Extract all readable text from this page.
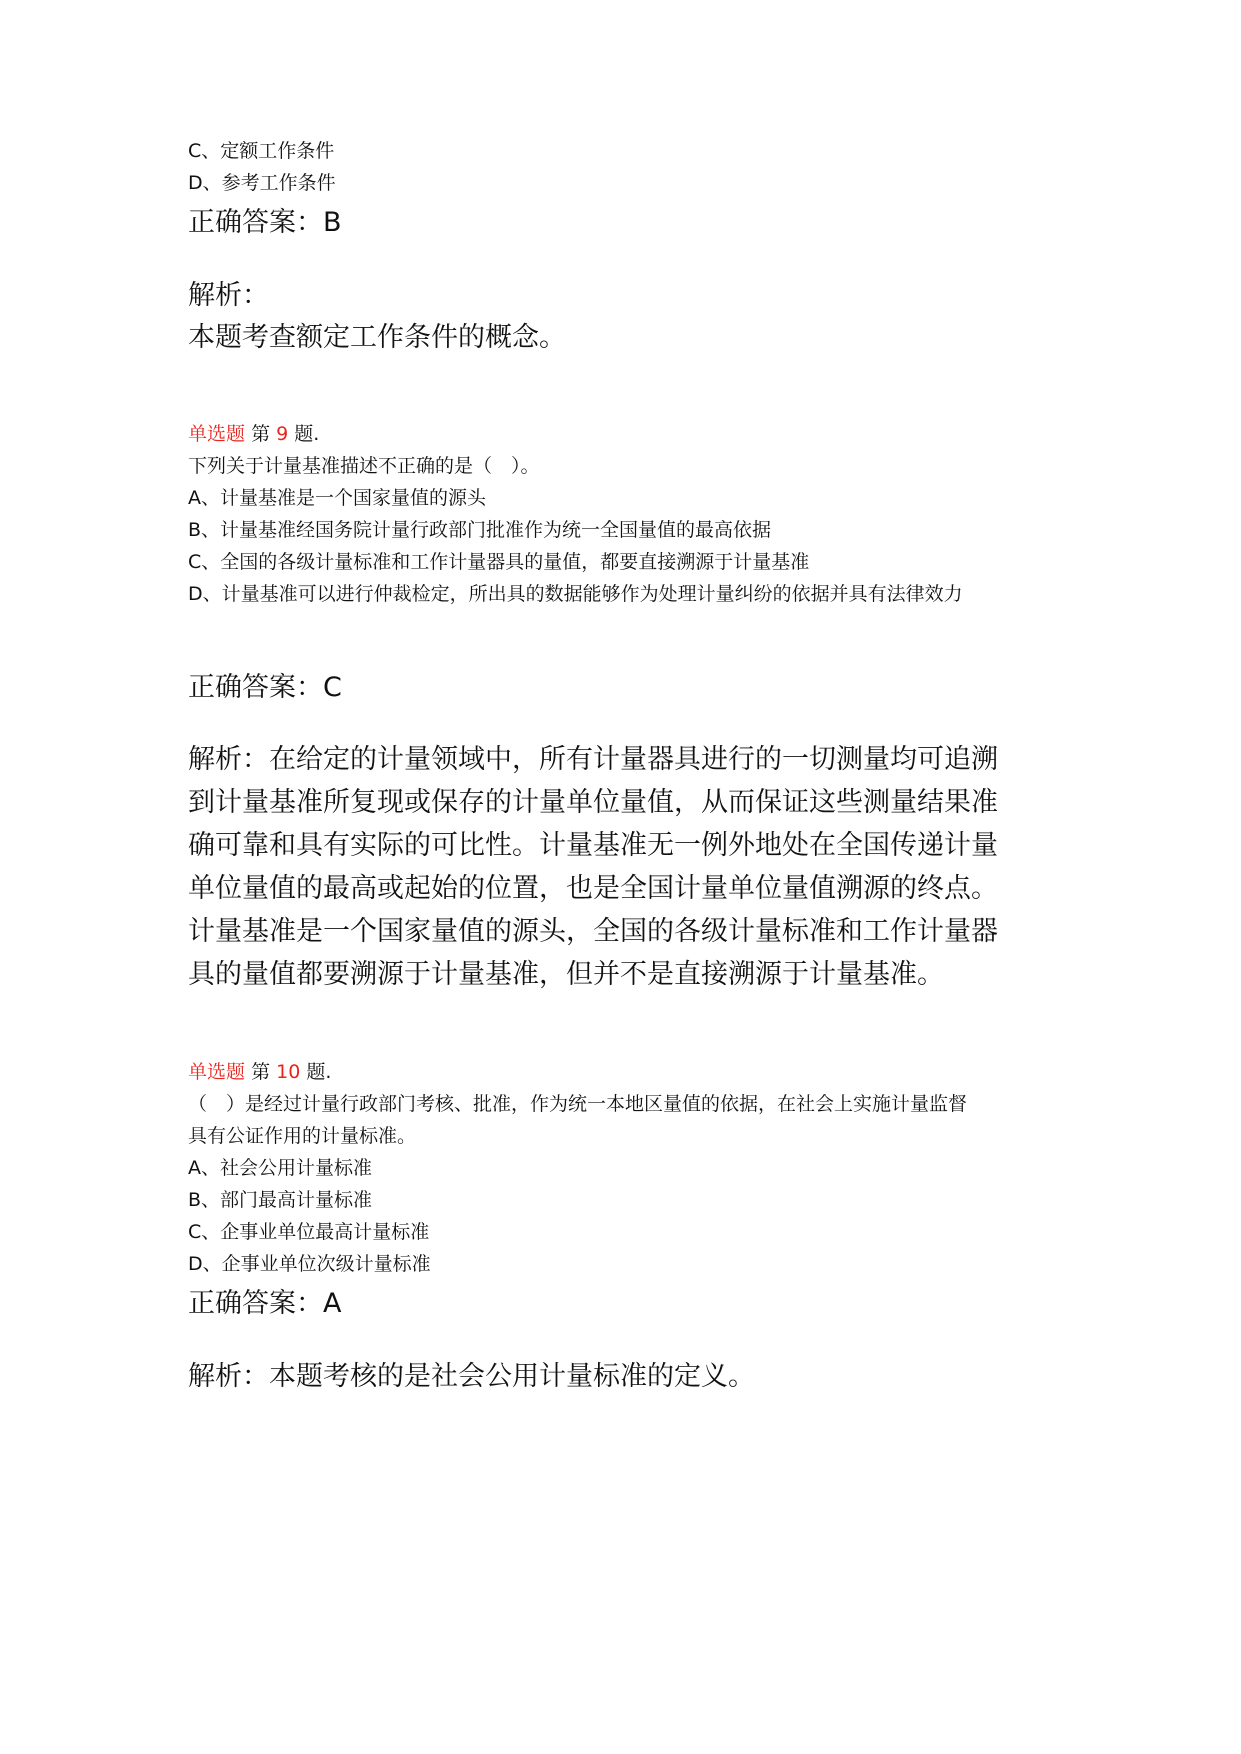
C、定额工作条件
D、参考工作条件
正确答案：B
解析：
本题考查额定工作条件的概念。
单选题 第 9 题.
下列关于计量基准描述不正确的是（　）。
A、计量基准是一个国家量值的源头
B、计量基准经国务院计量行政部门批准作为统一全国量值的最高依据
C、全国的各级计量标准和工作计量器具的量值，都要直接溯源于计量基准
D、计量基准可以进行仲裁检定，所出具的数据能够作为处理计量纠纷的依据并具有法律效力
正确答案：C
解析：在给定的计量领域中，所有计量器具进行的一切测量均可追溯
到计量基准所复现或保存的计量单位量值，从而保证这些测量结果准
确可靠和具有实际的可比性。计量基准无一例外地处在全国传递计量
单位量值的最高或起始的位置，也是全国计量单位量值溯源的终点。
计量基准是一个国家量值的源头，全国的各级计量标准和工作计量器
具的量值都要溯源于计量基准，但并不是直接溯源于计量基准。
单选题 第 10 题.
（　）是经过计量行政部门考核、批准，作为统一本地区量值的依据，在社会上实施计量监督
具有公证作用的计量标准。
A、社会公用计量标准
B、部门最高计量标准
C、企事业单位最高计量标准
D、企事业单位次级计量标准
正确答案：A
解析：本题考核的是社会公用计量标准的定义。
